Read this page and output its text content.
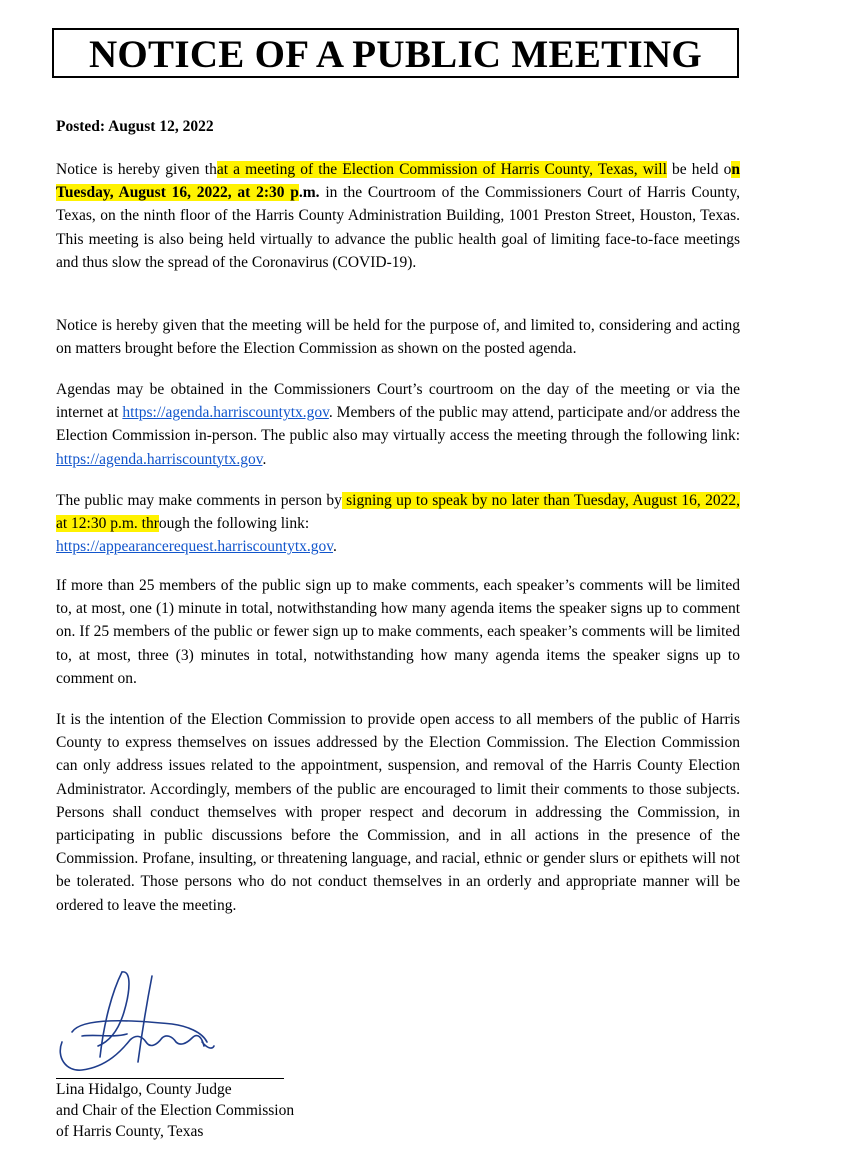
NOTICE OF A PUBLIC MEETING
Posted: August 12, 2022

Notice is hereby given that a meeting of the Election Commission of Harris County, Texas, will be held on Tuesday, August 16, 2022, at 2:30 p.m. in the Courtroom of the Commissioners Court of Harris County, Texas, on the ninth floor of the Harris County Administration Building, 1001 Preston Street, Houston, Texas. This meeting is also being held virtually to advance the public health goal of limiting face-to-face meetings and thus slow the spread of the Coronavirus (COVID-19).

Notice is hereby given that the meeting will be held for the purpose of, and limited to, considering and acting on matters brought before the Election Commission as shown on the posted agenda.

Agendas may be obtained in the Commissioners Court’s courtroom on the day of the meeting or via the internet at https://agenda.harriscountytx.gov. Members of the public may attend, participate and/or address the Election Commission in-person. The public also may virtually access the meeting through the following link: https://agenda.harriscountytx.gov.

The public may make comments in person by signing up to speak by no later than Tuesday, August 16, 2022, at 12:30 p.m. through the following link:
https://appearancerequest.harriscountytx.gov.

If more than 25 members of the public sign up to make comments, each speaker’s comments will be limited to, at most, one (1) minute in total, notwithstanding how many agenda items the speaker signs up to comment on. If 25 members of the public or fewer sign up to make comments, each speaker’s comments will be limited to, at most, three (3) minutes in total, notwithstanding how many agenda items the speaker signs up to comment on.

It is the intention of the Election Commission to provide open access to all members of the public of Harris County to express themselves on issues addressed by the Election Commission. The Election Commission can only address issues related to the appointment, suspension, and removal of the Harris County Election Administrator. Accordingly, members of the public are encouraged to limit their comments to those subjects. Persons shall conduct themselves with proper respect and decorum in addressing the Commission, in participating in public discussions before the Commission, and in all actions in the presence of the Commission. Profane, insulting, or threatening language, and racial, ethnic or gender slurs or epithets will not be tolerated. Those persons who do not conduct themselves in an orderly and appropriate manner will be ordered to leave the meeting.

Lina Hidalgo, County Judge
and Chair of the Election Commission
of Harris County, Texas
